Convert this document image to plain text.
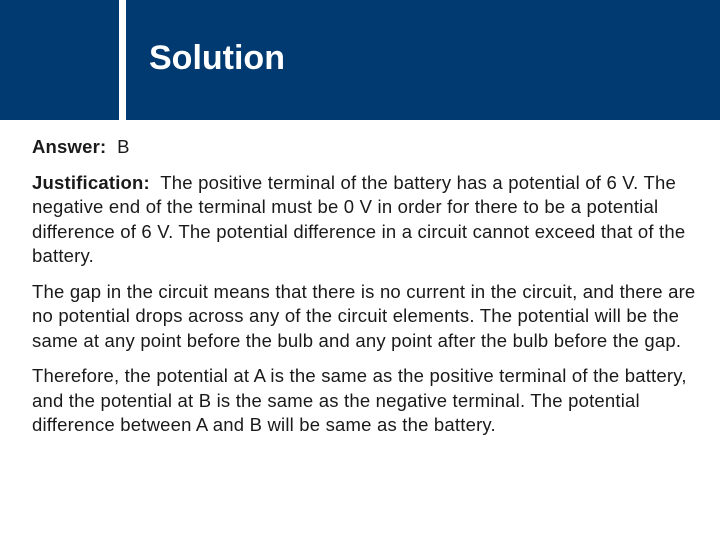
Solution

Answer: B

Justification: The positive terminal of the battery has a potential of 6 V. The negative end of the terminal must be 0 V in order for there to be a potential difference of 6 V. The potential difference in a circuit cannot exceed that of the battery.

The gap in the circuit means that there is no current in the circuit, and there are no potential drops across any of the circuit elements. The potential will be the same at any point before the bulb and any point after the bulb before the gap.

Therefore, the potential at A is the same as the positive terminal of the battery, and the potential at B is the same as the negative terminal. The potential difference between A and B will be same as the battery.
